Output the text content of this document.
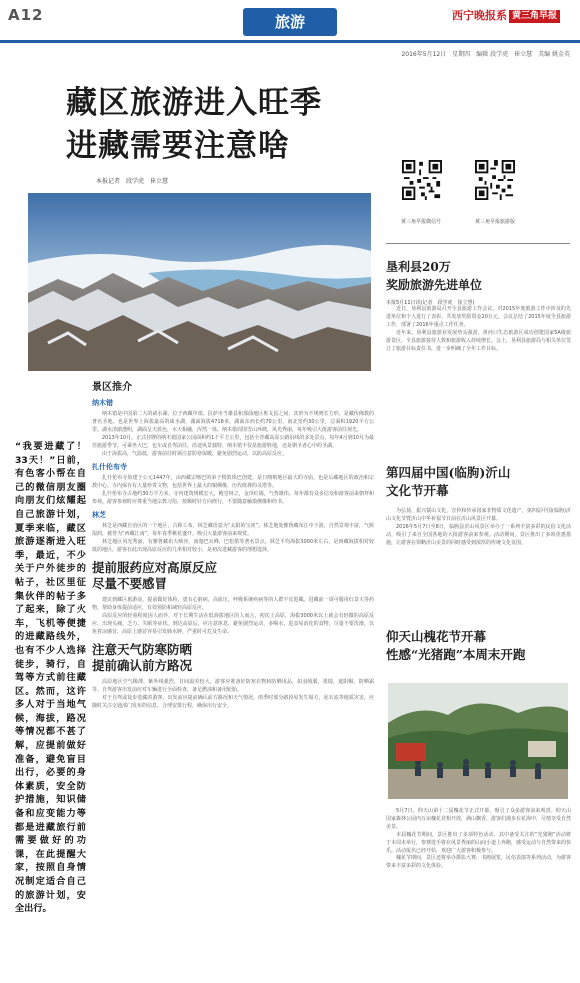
A12	旅游	西宁晚报系 黄三角早报
2016年5月12日　星期四　编辑 段学虎　崔立慧　美编 姚金英
藏区旅游进入旺季
进藏需要注意啥
本报记者　段学虎　崔立慧
“我要进藏了！33天！”日前，有色客小帮在自己的微信朋友圈向朋友们炫耀起自己旅游计划，夏季来临，藏区旅游逐渐进入旺季，最近，不少关于户外徒步的帖子，社区里征集伙伴的帖子多了起来，除了火车，飞机等便捷的进藏路线外，也有不少人选择徒步，骑行，自驾等方式前往藏区。然而，这许多人对于当地气候，海拔，路况等情况都不甚了解，应提前做好准备，避免盲目出行，必要的身体素质，安全防护措施，知识储备和应变能力等都是进藏旅行前需要做好的功课，在此提醒大家，按照自身情况制定适合自己的旅游计划，安全出行。
景区推介
纳木错

纳木错是中国第二大的咸水湖，位于西藏中部，拉萨市当雄县和那曲地区班戈县之间，其形为不规则长方形，是藏传佛教的著名圣地。也是世界上海拔最高的咸水湖，湖面海拔4718米，湖面东西长约70公里，南北宽约30公里，总面积1920平方公里。湖水清澈透明，湖面呈天蓝色，水天相融，浑然一体。纳木错周围雪山环绕，风光秀丽，每年吸引大批游客前往观光。

2013年10月，正式挂牌的纳木错国家公园面积约1千平方公里，包括全青藏高原公路沿线的多处景点，每年4月到10月为最佳旅游季节。可乘坐大巴，包车或自驾前往，沿途风景独特，纳木错不仅是旅游胜地，还是朝圣者心中的圣湖。

由于海拔高，气温低，游客前往时须注意防寒保暖，避免剧烈运动，以防高原反应。

扎什伦布寺

扎什伦布寺始建于公元1447年，由西藏宗喀巴的弟子根敦珠巴创建，是日喀则地区最大的寺庙，也是后藏地区的政治和宗教中心。寺内保存有大量珍贵文物，包括世界上最大的铜佛像，历代班禅的灵塔等。

扎什伦布寺占地约30万平方米，寺内建筑规模宏大，殿堂林立，金顶红墙，气势雄伟。每年都有众多信众和游客前来朝拜和参观。游客参观时应尊重当地宗教习俗，按顺时针方向绕行，不要随意触摸佛像和经书。

林芝

林芝是西藏自治区的一个地区，古称工布，林芝藏语意为“太阳的宝座”。林芝地处雅鲁藏布江中下游，自然景观丰富，气候湿润，被誉为“西藏江南”，每年春季桃花盛开，吸引大量游客前来观赏。

林芝地区风光秀丽，有雅鲁藏布大峡谷，南迦巴瓦峰，巴松措等著名景点。林芝平均海拔3000米左右，是西藏海拔相对较低的地区，游客在此出现高原反应的几率相对较小，是初次进藏游客的理想选择。

提前服药应对高原反应
尽量不要感冒

建议到藏区旅游前，提前做好体检，患有心脏病，高血压，呼吸系统疾病等的人群不宜进藏。进藏前一周可服用红景天等药物，帮助身体提前适应，有效预防和减轻高原反应。

高原反应的轻重程度因人而异，对于长期生活在低海拔地区的人而言，初次上高原，海拔3000米以上就会有轻微的高原反应，出现头痛，乏力，失眠等症状。到达高原后，应注意休息，避免剧烈运动，多喝水，进食易消化的食物，尽量不要洗澡，以免着凉感冒。高原上感冒容易引发肺水肿，严重时可危及生命。

注意天气防寒防晒
提前确认前方路况

高原地区空气稀薄，紫外线强烈，日间温差较大，游客应准备好防寒衣物和防晒用品，如羽绒服，墨镜，遮阳帽，防晒霜等。自驾游客出发前应对车辆进行全面检查，备足燃油和备用轮胎。

对于自驾或徒步进藏的游客，出发前应提前确认前方路况和天气情况。雨季时部分路段易发生塌方，泥石流等地质灾害，应随时关注交通部门发布的信息，合理安排行程，确保出行安全。

黄三角早报微信号	黄三角早报旅游版
垦利县20万
奖励旅游先进单位

本报5月11日讯(记者　段学虎　崔立慧)

近日，垦利县旅游局召开全县旅游工作会议，对2015年度旅游工作中涉及的先进单位和个人进行了表彰，共发放奖励资金20万元。会议总结了2015年度全县旅游工作，部署了2016年重点工作任务。

近年来，垦利县旅游业发展势头强劲，黄河口生态旅游区成功创建国家5A级旅游景区，全县旅游接待人数和旅游收入持续增长。会上，垦利县旅游局与相关单位签订了旅游目标责任书，进一步明确了全年工作目标。

第四届中国(临朐)沂山
文化节开幕

为弘扬，振兴儒山文化，宣传和传承国家非物质文化遗产，第四届中国(临朐)沂山文化节暨沂山中华祈福节日前在沂山风景区开幕。

2016年5月7日至8日，临朐县沂山风景区举办了一系列丰富多彩的民俗文化活动，吸引了来自全国各地的大批游客前来参观。活动期间，景区推出了多项优惠措施，让游客在领略沂山美景的同时感受到浓厚的传统文化氛围。

仰天山槐花节开幕
性感“光猪跑”本周末开跑

5月7日，仰天山第十二届槐花节正式开幕，吸引了众多游客前来观赏。仰天山国家森林公园内万亩槐花竞相开放，满山飘香，游客们漫步在花海中，尽情享受自然美景。

本届槐花节期间，景区推出了多项特色活动，其中备受关注的“光猪跑”活动将于本周末举行，参赛选手将在风景秀丽的山间小道上奔跑，感受运动与自然带来的快乐。活动报名已经开始，欢迎广大游客积极参与。

槐花节期间，景区还将举办摄影大赛，书画展览，民俗表演等系列活动，为游客带来丰富多彩的文化体验。
